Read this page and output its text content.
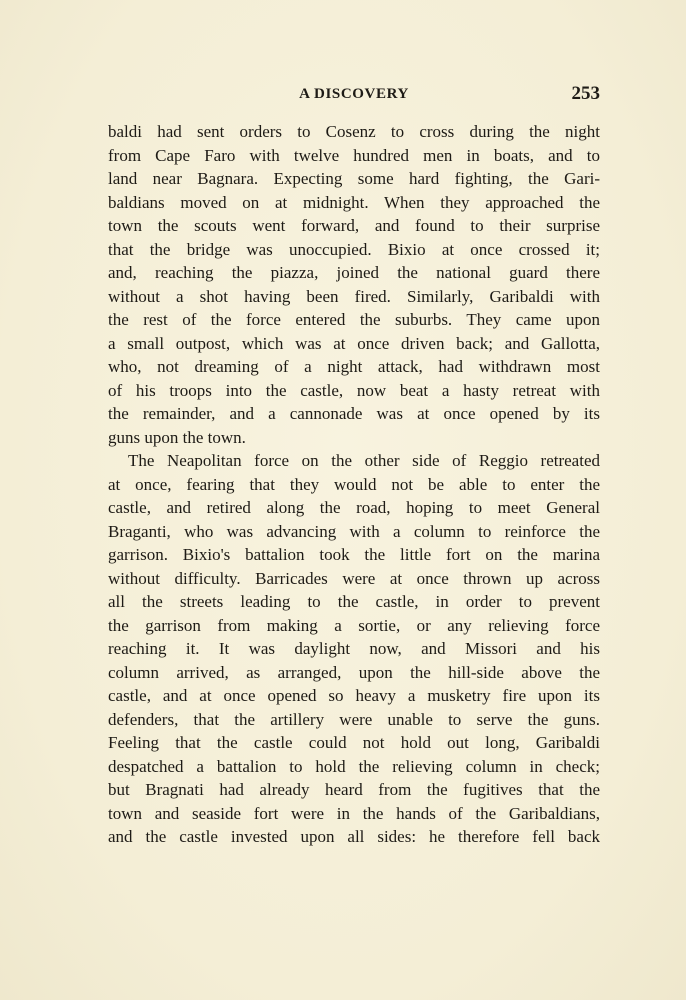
A DISCOVERY	253
baldi had sent orders to Cosenz to cross during the night
from Cape Faro with twelve hundred men in boats, and to
land near Bagnara. Expecting some hard fighting, the Gari-
baldians moved on at midnight. When they approached the
town the scouts went forward, and found to their surprise
that the bridge was unoccupied. Bixio at once crossed it;
and, reaching the piazza, joined the national guard there
without a shot having been fired. Similarly, Garibaldi with
the rest of the force entered the suburbs. They came upon
a small outpost, which was at once driven back; and Gallotta,
who, not dreaming of a night attack, had withdrawn most
of his troops into the castle, now beat a hasty retreat with
the remainder, and a cannonade was at once opened by its
guns upon the town.
The Neapolitan force on the other side of Reggio retreated
at once, fearing that they would not be able to enter the
castle, and retired along the road, hoping to meet General
Braganti, who was advancing with a column to reinforce the
garrison. Bixio's battalion took the little fort on the marina
without difficulty. Barricades were at once thrown up across
all the streets leading to the castle, in order to prevent
the garrison from making a sortie, or any relieving force
reaching it. It was daylight now, and Missori and his
column arrived, as arranged, upon the hill-side above the
castle, and at once opened so heavy a musketry fire upon its
defenders, that the artillery were unable to serve the guns.
Feeling that the castle could not hold out long, Garibaldi
despatched a battalion to hold the relieving column in check;
but Bragnati had already heard from the fugitives that the
town and seaside fort were in the hands of the Garibaldians,
and the castle invested upon all sides: he therefore fell back
